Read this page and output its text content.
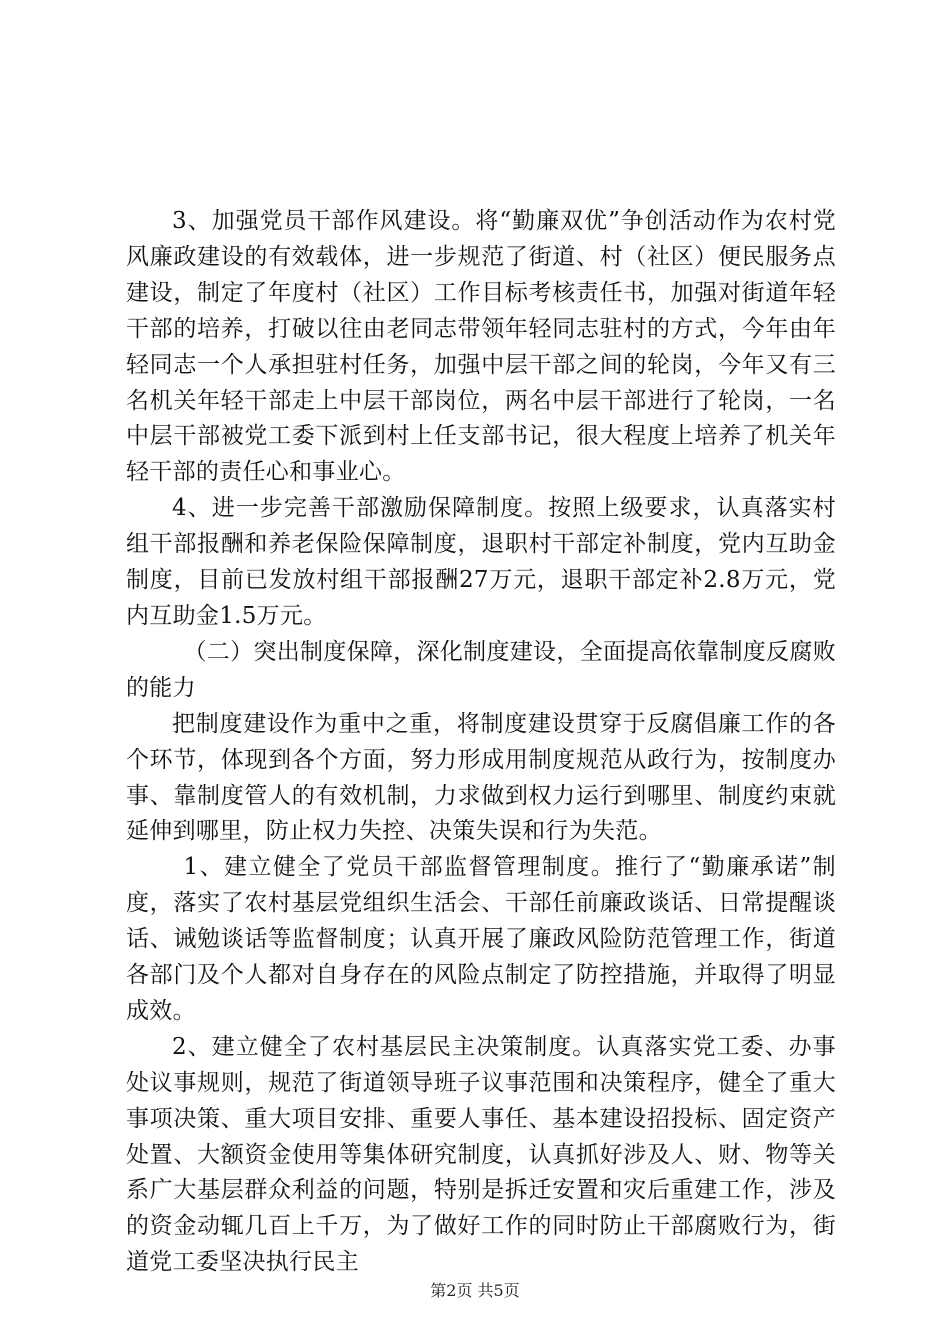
3、加强党员干部作风建设。将“勤廉双优”争创活动作为农村党风廉政建设的有效载体，进一步规范了街道、村（社区）便民服务点建设，制定了年度村（社区）工作目标考核责任书，加强对街道年轻干部的培养，打破以往由老同志带领年轻同志驻村的方式，今年由年轻同志一个人承担驻村任务，加强中层干部之间的轮岗，今年又有三名机关年轻干部走上中层干部岗位，两名中层干部进行了轮岗，一名中层干部被党工委下派到村上任支部书记，很大程度上培养了机关年轻干部的责任心和事业心。

4、进一步完善干部激励保障制度。按照上级要求，认真落实村组干部报酬和养老保险保障制度，退职村干部定补制度，党内互助金制度，目前已发放村组干部报酬27万元，退职干部定补2.8万元，党内互助金1.5万元。

（二）突出制度保障，深化制度建设，全面提高依靠制度反腐败的能力

把制度建设作为重中之重，将制度建设贯穿于反腐倡廉工作的各个环节，体现到各个方面，努力形成用制度规范从政行为，按制度办事、靠制度管人的有效机制，力求做到权力运行到哪里、制度约束就延伸到哪里，防止权力失控、决策失误和行为失范。

1、建立健全了党员干部监督管理制度。推行了“勤廉承诺”制度，落实了农村基层党组织生活会、干部任前廉政谈话、日常提醒谈话、诫勉谈话等监督制度；认真开展了廉政风险防范管理工作，街道各部门及个人都对自身存在的风险点制定了防控措施，并取得了明显成效。

2、建立健全了农村基层民主决策制度。认真落实党工委、办事处议事规则，规范了街道领导班子议事范围和决策程序，健全了重大事项决策、重大项目安排、重要人事任、基本建设招投标、固定资产处置、大额资金使用等集体研究制度，认真抓好涉及人、财、物等关系广大基层群众利益的问题，特别是拆迁安置和灾后重建工作，涉及的资金动辄几百上千万，为了做好工作的同时防止干部腐败行为，街道党工委坚决执行民主

第2页 共5页
